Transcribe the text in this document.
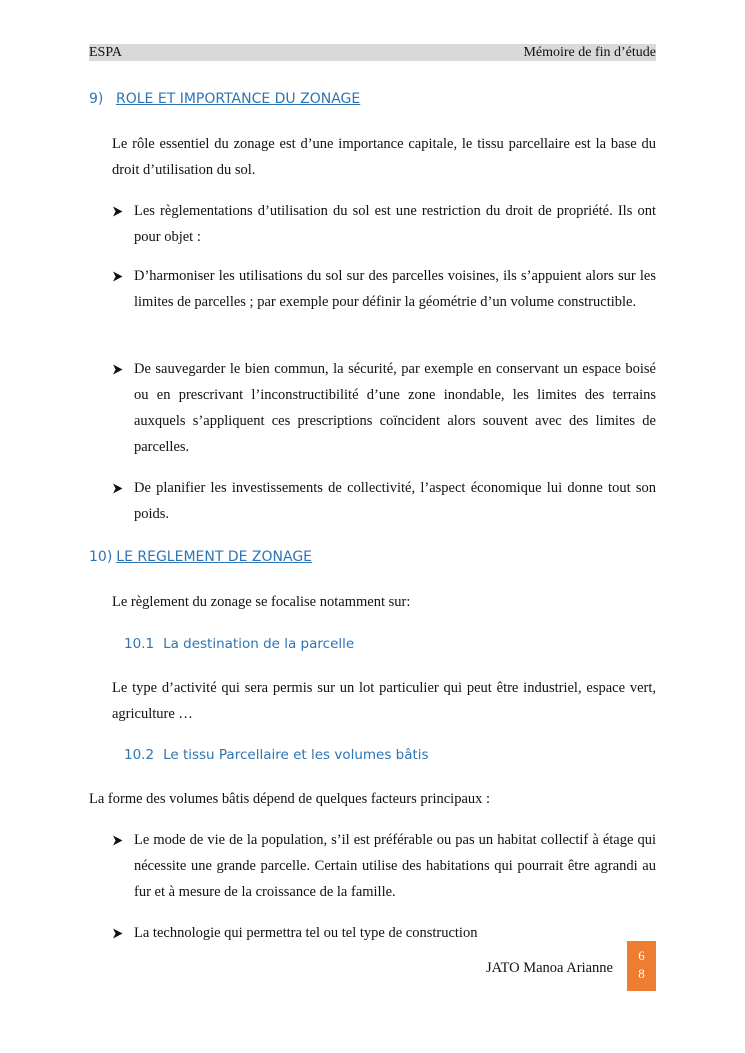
ESPA	Mémoire de fin d’étude
9) ROLE ET IMPORTANCE DU ZONAGE
Le rôle essentiel du zonage est d’une importance capitale, le tissu parcellaire est la base du droit d’utilisation du sol.
Les règlementations d’utilisation du sol est une restriction du droit de propriété. Ils ont pour objet :
D’harmoniser les utilisations du sol sur des parcelles voisines, ils s’appuient alors sur les limites de parcelles ; par exemple pour définir la géométrie d’un volume constructible.
De sauvegarder le bien commun, la sécurité, par exemple en conservant un espace boisé ou en prescrivant l’inconstructibilité d’une zone inondable, les limites des terrains auxquels s’appliquent ces prescriptions coïncident alors souvent avec des limites de parcelles.
De planifier les investissements de collectivité, l’aspect économique lui donne tout son poids.
10) LE REGLEMENT DE ZONAGE
Le règlement du zonage se focalise notamment sur:
10.1 La destination de la parcelle
Le type d’activité qui sera permis sur un lot particulier qui peut être industriel, espace vert, agriculture …
10.2 Le tissu Parcellaire et les volumes bâtis
La forme des volumes bâtis dépend de quelques facteurs principaux :
Le mode de vie de la population, s’il est préférable ou pas un habitat collectif à étage qui nécessite une grande parcelle. Certain utilise des habitations qui pourrait être agrandi au fur et à mesure de la croissance de la famille.
La technologie qui permettra tel ou tel type de construction
JATO Manoa Arianne
6
8
